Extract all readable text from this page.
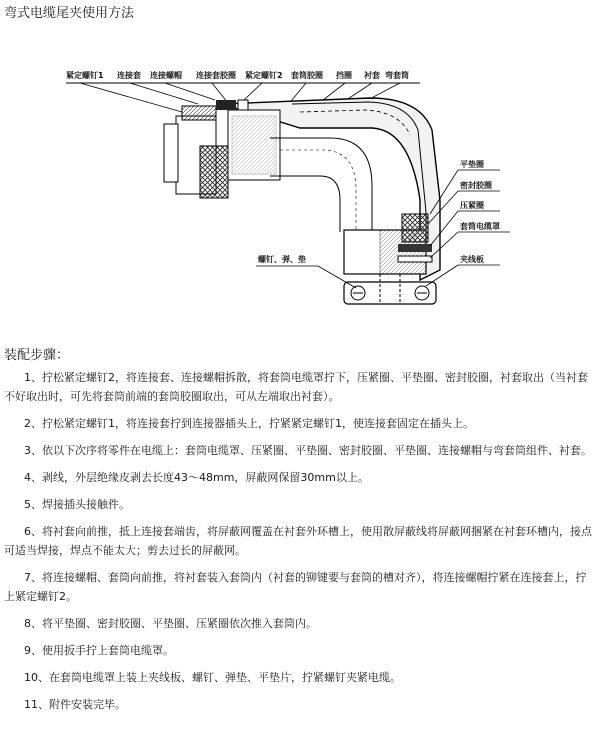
弯式电缆尾夹使用方法
紧定螺钉1 连接套 连接螺帽 连接套胶圈 紧定螺钉2 套筒胶圈 挡圈 衬套 弯套筒
平垫圈
密封胶圈
压紧圈
套筒电缆罩
夹线板
螺钉、弹、垫
装配步骤：

1、拧松紧定螺钉2，将连接套、连接螺帽拆散，将套筒电缆罩拧下，压紧圈、平垫圈、密封胶圈，衬套取出（当衬套不好取出时，可先将套筒前端的套筒胶圈取出，可从左端取出衬套）。

2、拧松紧定螺钉1，将连接套拧到连接器插头上，拧紧紧定螺钉1，使连接套固定在插头上。

3、依以下次序将零件在电缆上：套筒电缆罩、压紧圈、平垫圈、密封胶圈、平垫圈、连接螺帽与弯套筒组件、衬套。

4、剥线，外层绝缘皮剥去长度43～48mm，屏蔽网保留30mm以上。

5、焊接插头接触件。

6、将衬套向前推，抵上连接套端齿，将屏蔽网覆盖在衬套外环槽上，使用散屏蔽线将屏蔽网捆紧在衬套环槽内，接点可适当焊接，焊点不能太大；剪去过长的屏蔽网。

7、将连接螺帽、套筒向前推，将衬套装入套筒内（衬套的铆键要与套筒的槽对齐），将连接螺帽拧紧在连接套上，拧上紧定螺钉2。

8、将平垫圈、密封胶圈、平垫圈、压紧圈依次推入套筒内。

9、使用扳手拧上套筒电缆罩。

10、在套筒电缆罩上装上夹线板、螺钉、弹垫、平垫片，拧紧螺钉夹紧电缆。

11、附件安装完毕。
